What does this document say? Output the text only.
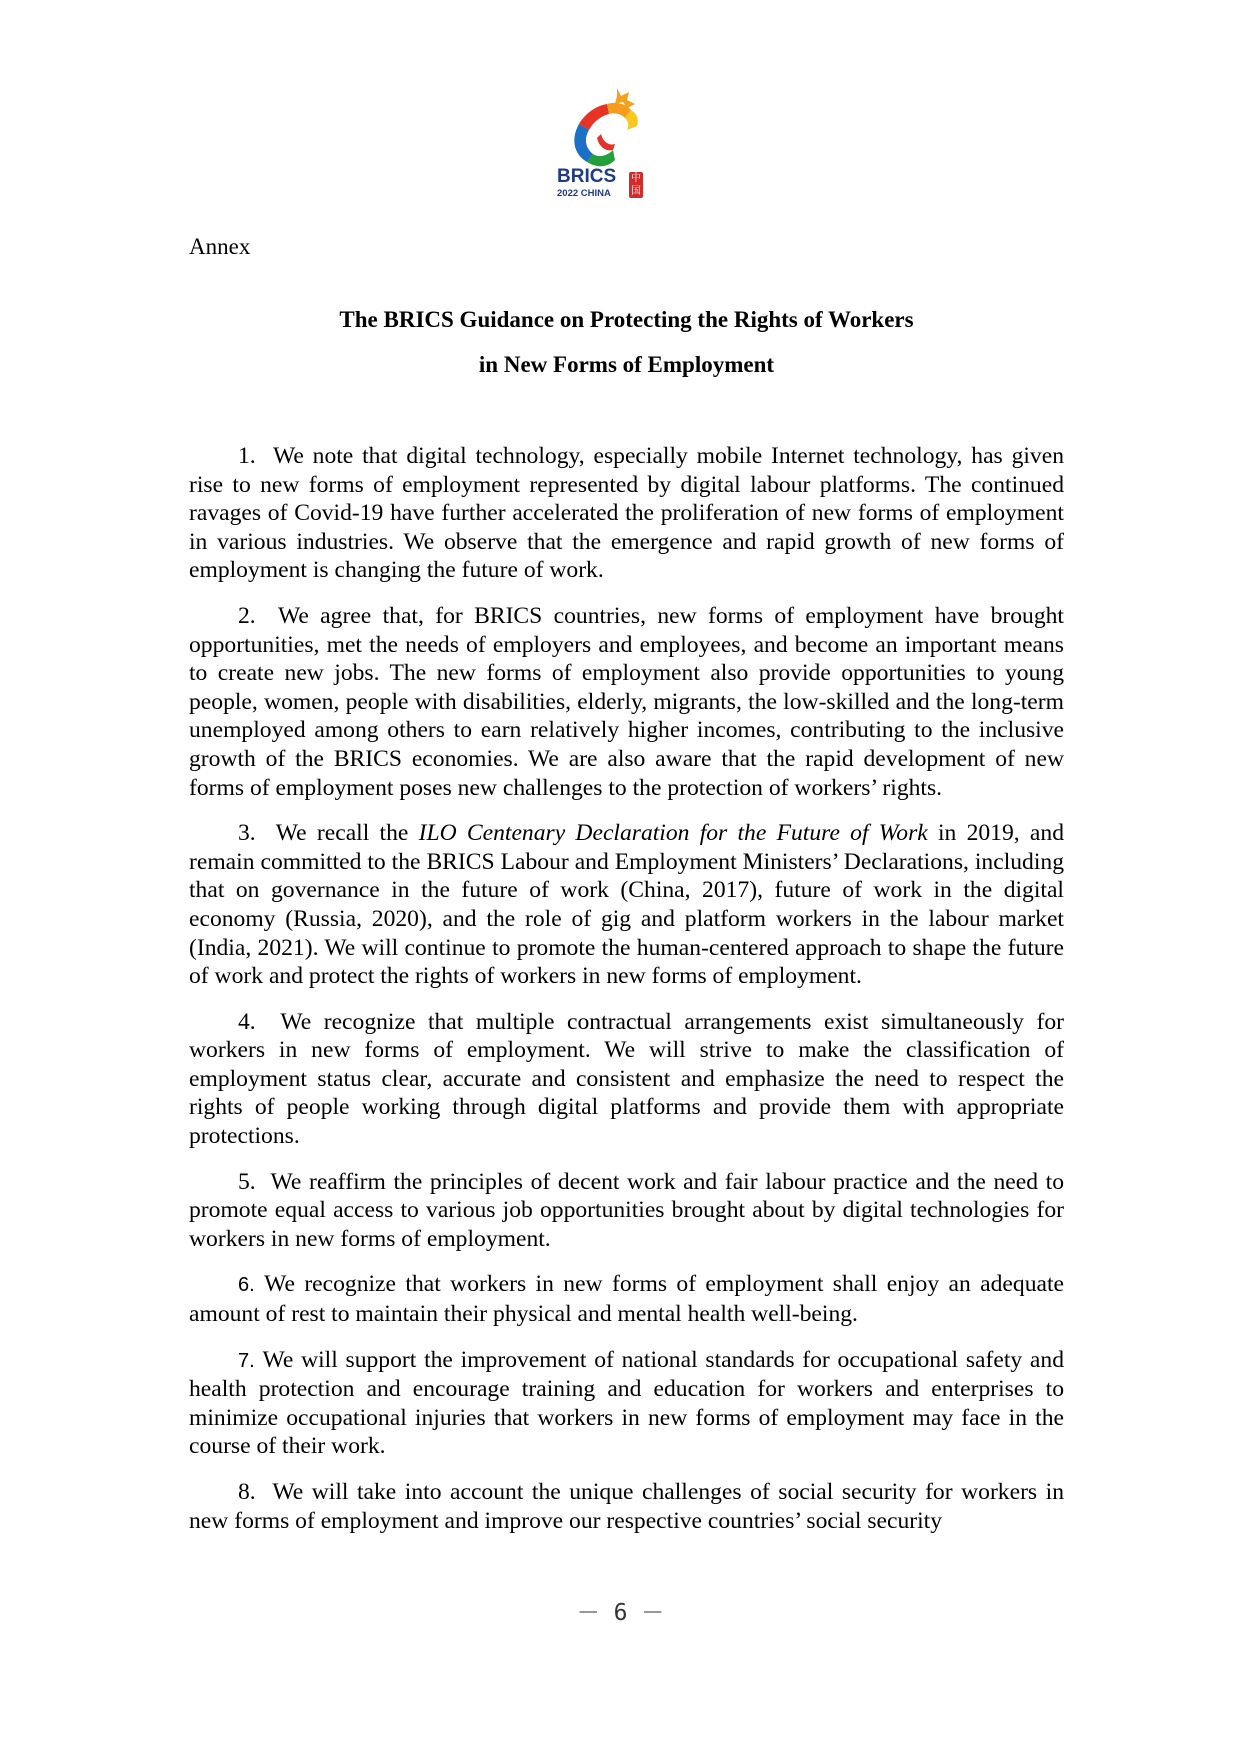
BRICS
2022 CHINA
中国
Annex
The BRICS Guidance on Protecting the Rights of Workers
in New Forms of Employment

1. We note that digital technology, especially mobile Internet technology, has given rise to new forms of employment represented by digital labour platforms. The continued ravages of Covid-19 have further accelerated the proliferation of new forms of employment in various industries. We observe that the emergence and rapid growth of new forms of employment is changing the future of work.

2. We agree that, for BRICS countries, new forms of employment have brought opportunities, met the needs of employers and employees, and become an important means to create new jobs. The new forms of employment also provide opportunities to young people, women, people with disabilities, elderly, migrants, the low-skilled and the long-term unemployed among others to earn relatively higher incomes, contributing to the inclusive growth of the BRICS economies. We are also aware that the rapid development of new forms of employment poses new challenges to the protection of workers’ rights.

3. We recall the ILO Centenary Declaration for the Future of Work in 2019, and remain committed to the BRICS Labour and Employment Ministers’ Declarations, including that on governance in the future of work (China, 2017), future of work in the digital economy (Russia, 2020), and the role of gig and platform workers in the labour market (India, 2021). We will continue to promote the human-centered approach to shape the future of work and protect the rights of workers in new forms of employment.

4. We recognize that multiple contractual arrangements exist simultaneously for workers in new forms of employment. We will strive to make the classification of employment status clear, accurate and consistent and emphasize the need to respect the rights of people working through digital platforms and provide them with appropriate protections.

5. We reaffirm the principles of decent work and fair labour practice and the need to promote equal access to various job opportunities brought about by digital technologies for workers in new forms of employment.

6. We recognize that workers in new forms of employment shall enjoy an adequate amount of rest to maintain their physical and mental health well-being.

7. We will support the improvement of national standards for occupational safety and health protection and encourage training and education for workers and enterprises to minimize occupational injuries that workers in new forms of employment may face in the course of their work.

8. We will take into account the unique challenges of social security for workers in new forms of employment and improve our respective countries’ social security

－ 6 －
